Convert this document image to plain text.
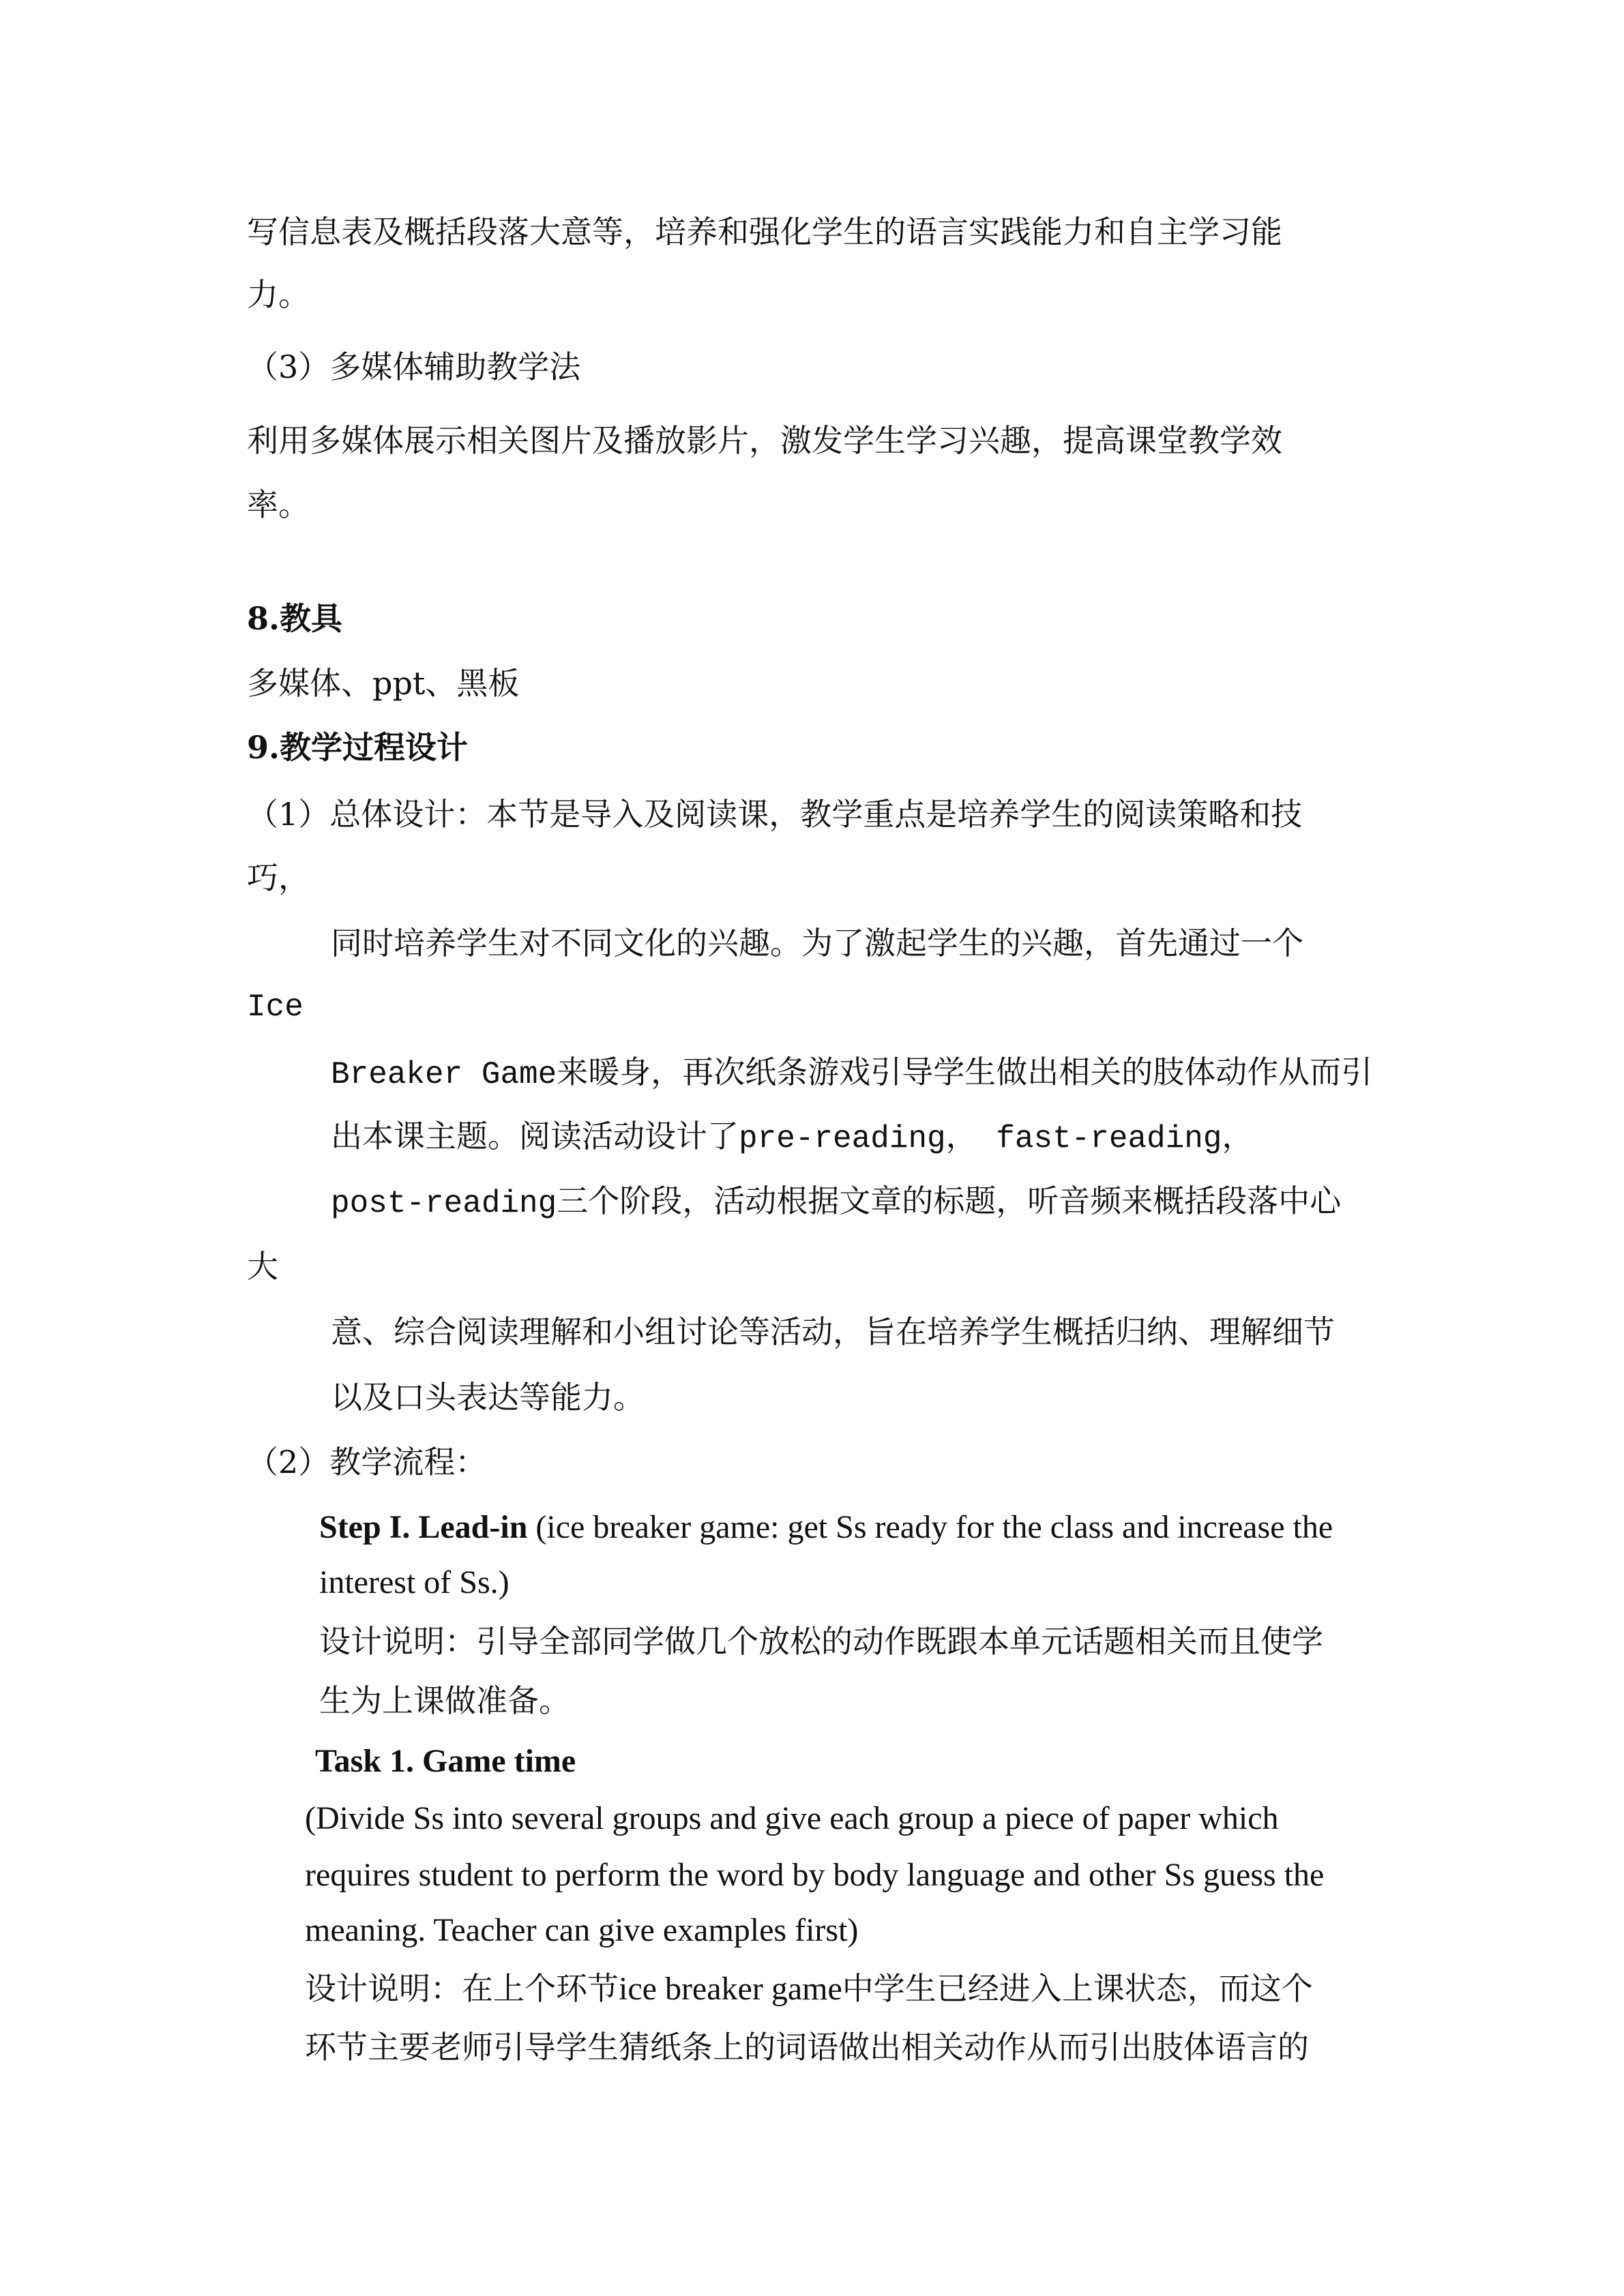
写信息表及概括段落大意等，培养和强化学生的语言实践能力和自主学习能

力。

（3）多媒体辅助教学法

利用多媒体展示相关图片及播放影片，激发学生学习兴趣，提高课堂教学效

率。

8.教具

多媒体、ppt、黑板

9.教学过程设计

（1）总体设计：本节是导入及阅读课，教学重点是培养学生的阅读策略和技

巧，

同时培养学生对不同文化的兴趣。为了激起学生的兴趣，首先通过一个

Ice

Breaker Game来暖身，再次纸条游戏引导学生做出相关的肢体动作从而引

出本课主题。阅读活动设计了pre-reading， fast-reading，

post-reading三个阶段，活动根据文章的标题，听音频来概括段落中心

大

意、综合阅读理解和小组讨论等活动，旨在培养学生概括归纳、理解细节

以及口头表达等能力。

（2）教学流程：

Step I. Lead-in (ice breaker game: get Ss ready for the class and increase the

interest of Ss.)

设计说明：引导全部同学做几个放松的动作既跟本单元话题相关而且使学

生为上课做准备。

Task 1. Game time

(Divide Ss into several groups and give each group a piece of paper which

requires student to perform the word by body language and other Ss guess the

meaning. Teacher can give examples first)

设计说明：在上个环节ice breaker game中学生已经进入上课状态，而这个

环节主要老师引导学生猜纸条上的词语做出相关动作从而引出肢体语言的
